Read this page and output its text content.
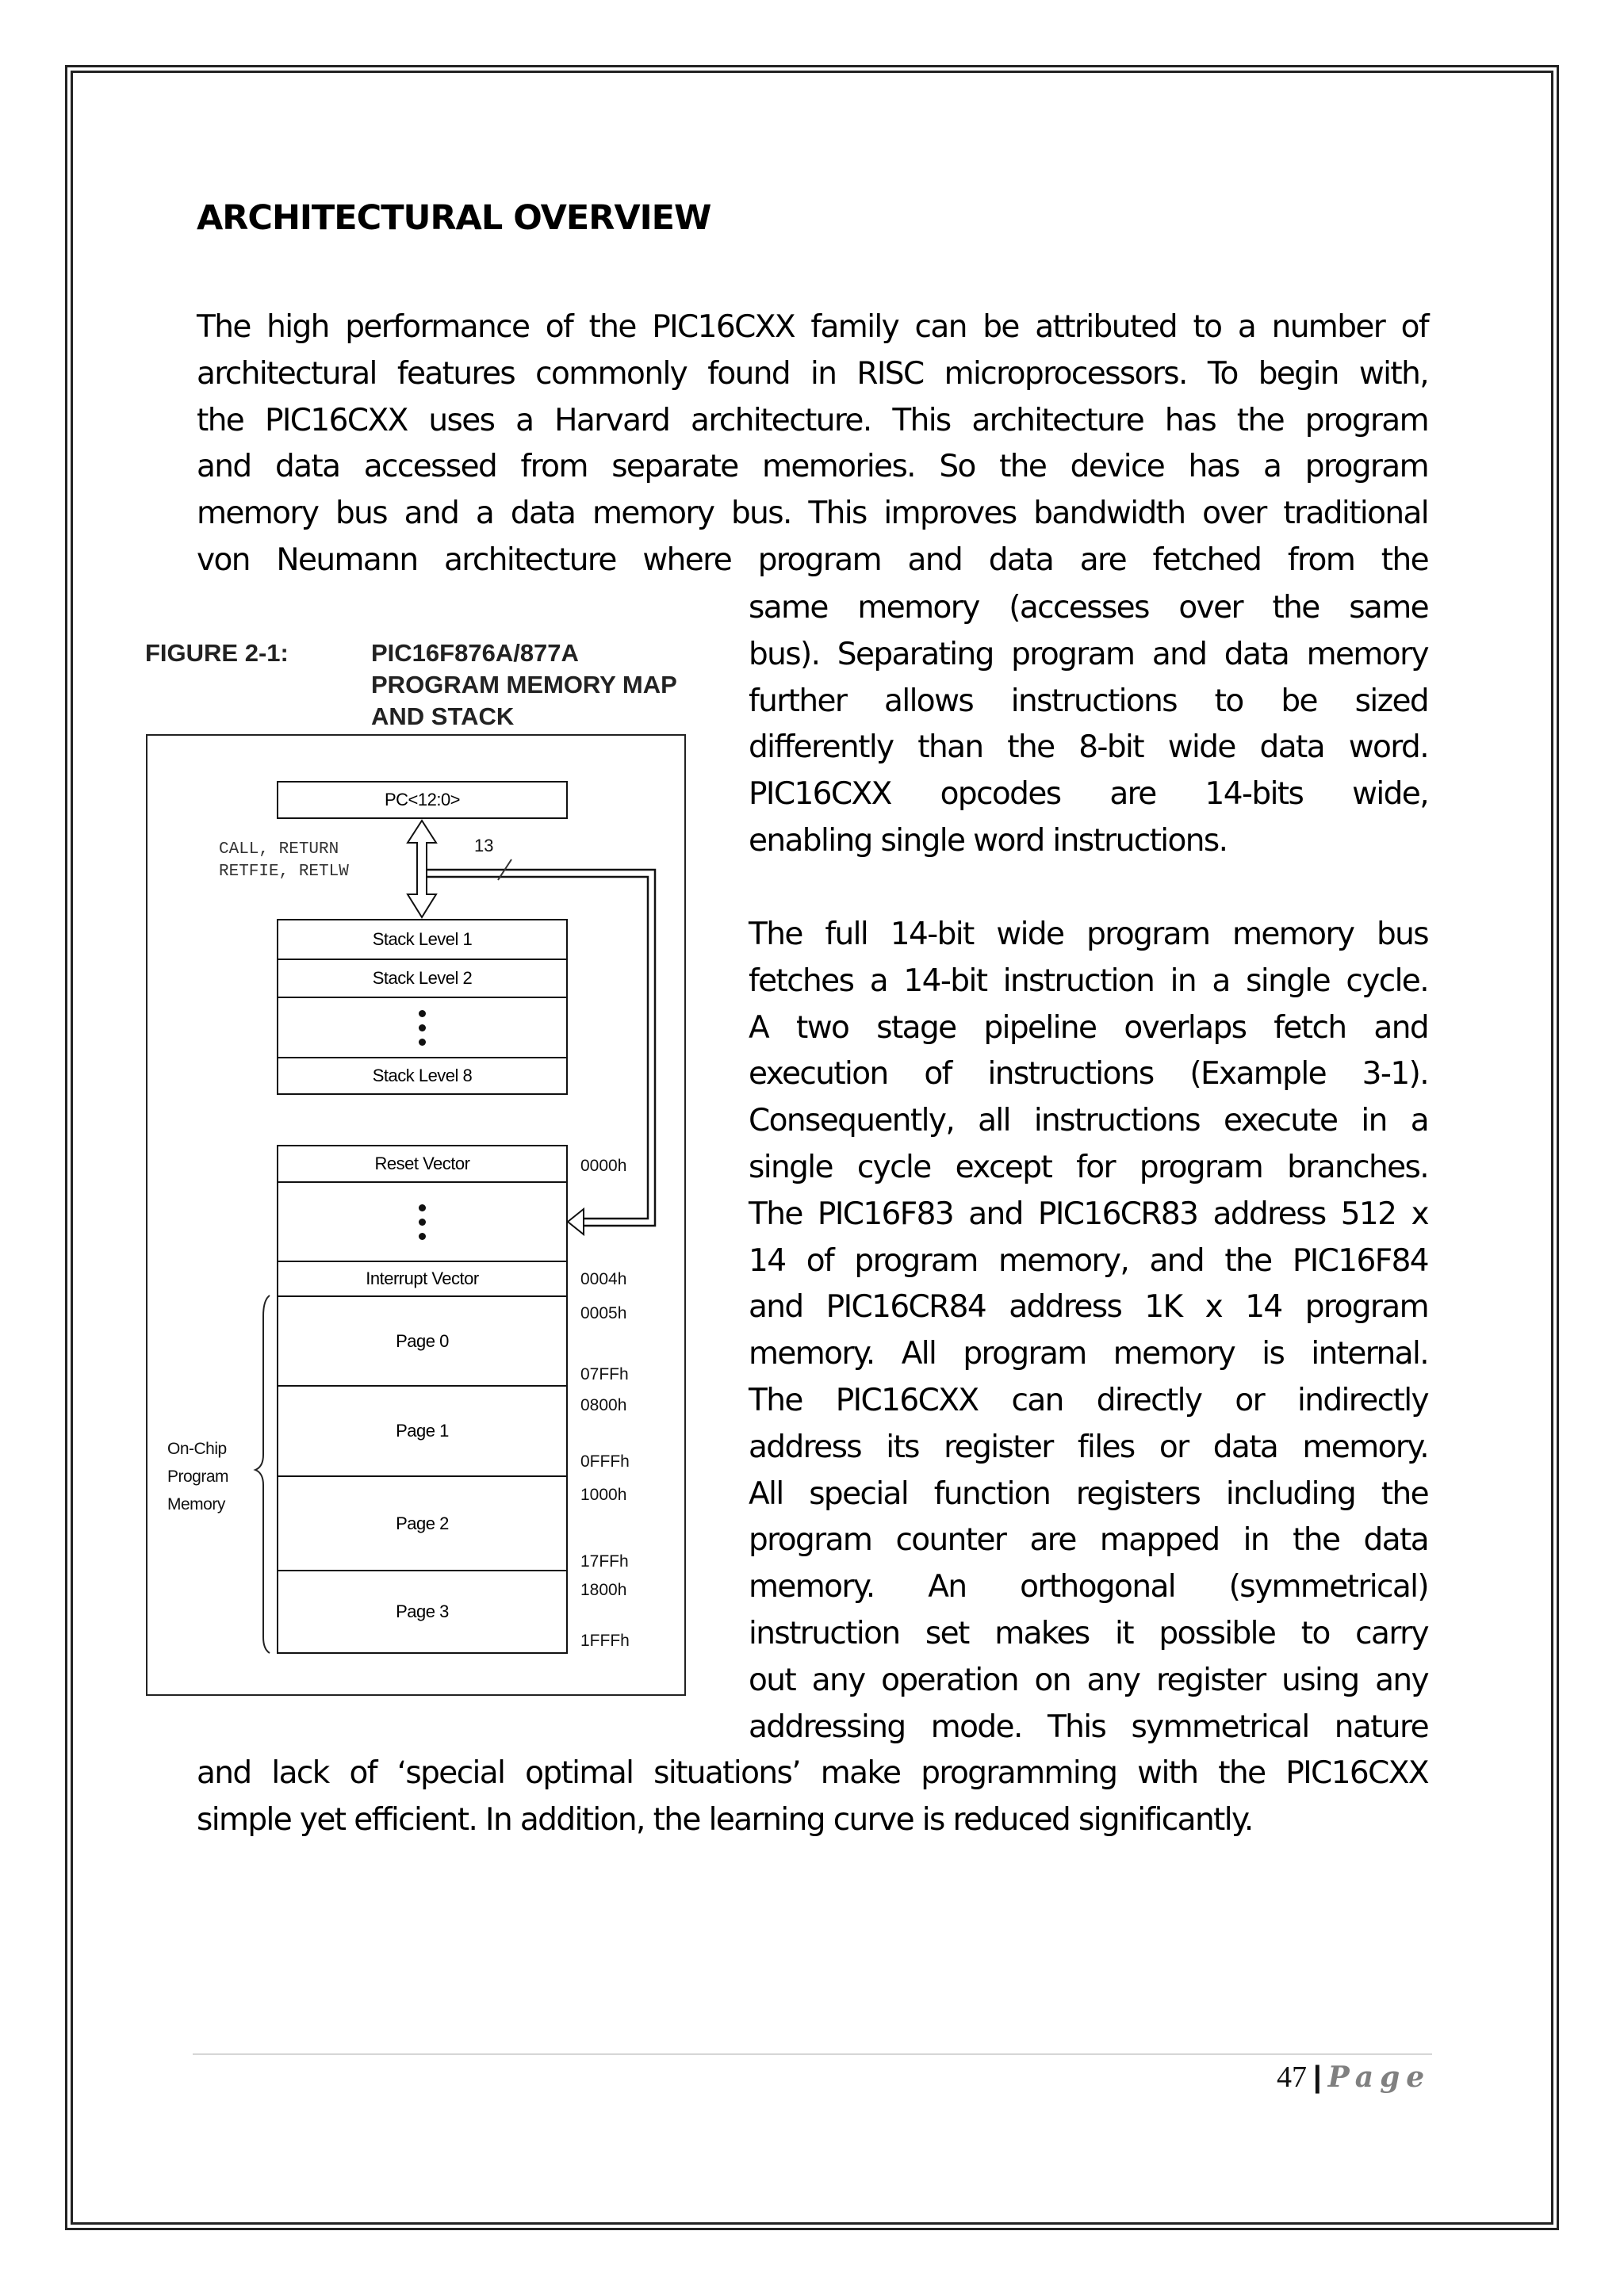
ARCHITECTURAL OVERVIEW
The high performance of the PIC16CXX family can be attributed to a number of
architectural features commonly found in RISC microprocessors. To begin with,
the PIC16CXX uses a Harvard architecture. This architecture has the program
and data accessed from separate memories. So the device has a program
memory bus and a data memory bus. This improves bandwidth over traditional
von Neumann architecture where program and data are fetched from the
same memory (accesses over the same
bus). Separating program and data memory
further allows instructions to be sized
differently than the 8-bit wide data word.
PIC16CXX opcodes are 14-bits wide,
enabling single word instructions.
The full 14-bit wide program memory bus
fetches a 14-bit instruction in a single cycle.
A two stage pipeline overlaps fetch and
execution of instructions (Example 3-1).
Consequently, all instructions execute in a
single cycle except for program branches.
The PIC16F83 and PIC16CR83 address 512 x
14 of program memory, and the PIC16F84
and PIC16CR84 address 1K x 14 program
memory. All program memory is internal.
The PIC16CXX can directly or indirectly
address its register files or data memory.
All special function registers including the
program counter are mapped in the data
memory. An orthogonal (symmetrical)
instruction set makes it possible to carry
out any operation on any register using any
addressing mode. This symmetrical nature
and lack of ‘special optimal situations’ make programming with the PIC16CXX
simple yet efficient. In addition, the learning curve is reduced significantly.
FIGURE 2-1:	PIC16F876A/877A
PROGRAM MEMORY MAP
AND STACK
PC<12:0>
CALL, RETURN
RETFIE, RETLW
13
Stack Level 1
Stack Level 2
Stack Level 8
Reset Vector
Interrupt Vector
Page 0
Page 1
Page 2
Page 3
0000h
0004h
0005h
07FFh
0800h
0FFFh
1000h
17FFh
1800h
1FFFh
On-Chip
Program
Memory
47 | Page
